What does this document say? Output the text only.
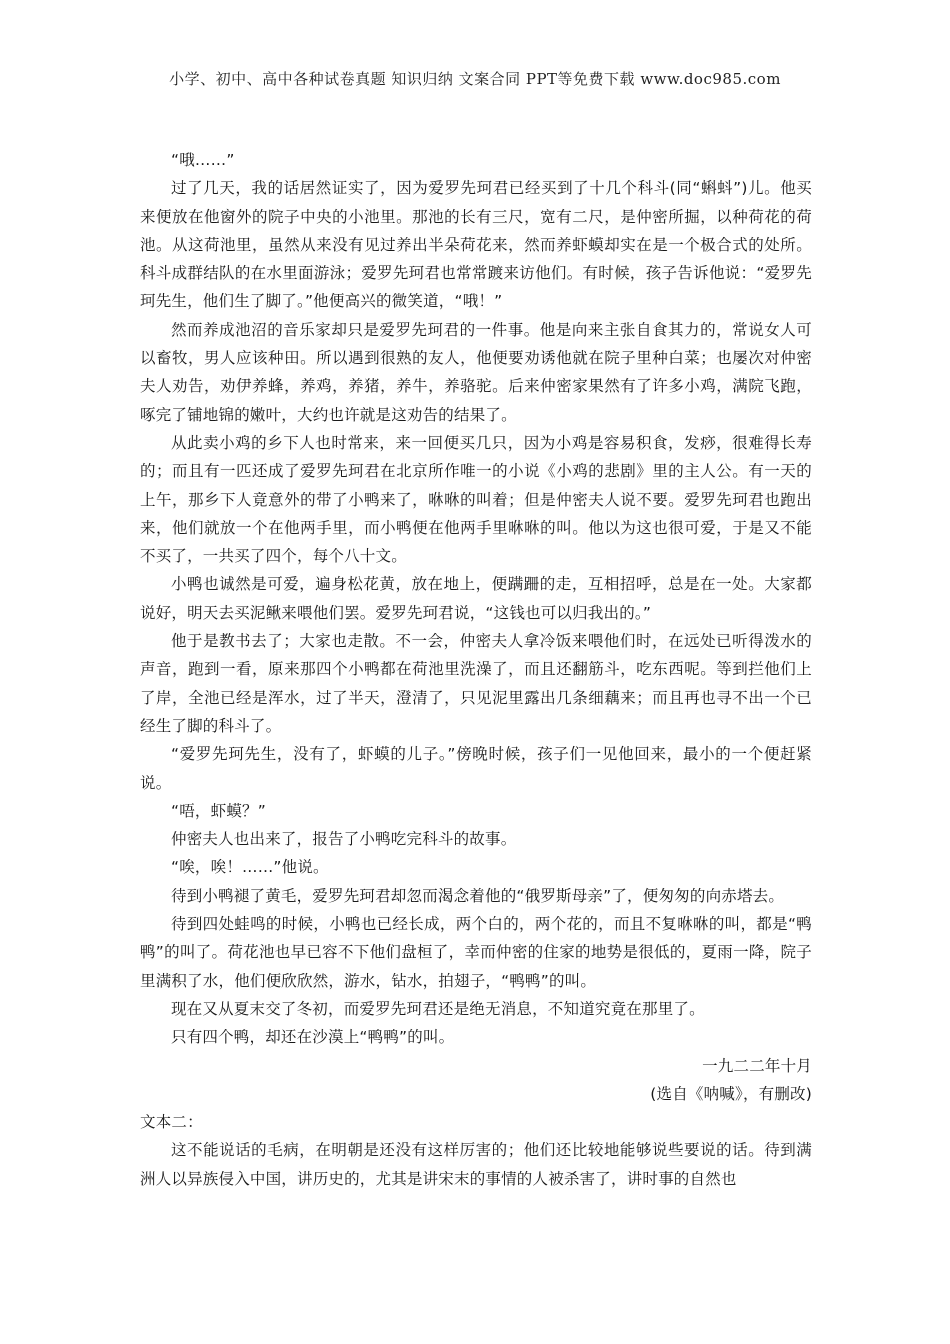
小学、初中、高中各种试卷真题 知识归纳 文案合同 PPT等免费下载 www.doc985.com

“哦……”

过了几天，我的话居然证实了，因为爱罗先珂君已经买到了十几个科斗(同“蝌蚪”)儿。他买来便放在他窗外的院子中央的小池里。那池的长有三尺，宽有二尺，是仲密所掘，以种荷花的荷池。从这荷池里，虽然从来没有见过养出半朵荷花来，然而养虾蟆却实在是一个极合式的处所。科斗成群结队的在水里面游泳；爱罗先珂君也常常踱来访他们。有时候，孩子告诉他说：“爱罗先珂先生，他们生了脚了。”他便高兴的微笑道，“哦！”

然而养成池沼的音乐家却只是爱罗先珂君的一件事。他是向来主张自食其力的，常说女人可以畜牧，男人应该种田。所以遇到很熟的友人，他便要劝诱他就在院子里种白菜；也屡次对仲密夫人劝告，劝伊养蜂，养鸡，养猪，养牛，养骆驼。后来仲密家果然有了许多小鸡，满院飞跑，啄完了铺地锦的嫩叶，大约也许就是这劝告的结果了。

从此卖小鸡的乡下人也时常来，来一回便买几只，因为小鸡是容易积食，发痧，很难得长寿的；而且有一匹还成了爱罗先珂君在北京所作唯一的小说《小鸡的悲剧》里的主人公。有一天的上午，那乡下人竟意外的带了小鸭来了，咻咻的叫着；但是仲密夫人说不要。爱罗先珂君也跑出来，他们就放一个在他两手里，而小鸭便在他两手里咻咻的叫。他以为这也很可爱，于是又不能不买了，一共买了四个，每个八十文。

小鸭也诚然是可爱，遍身松花黄，放在地上，便蹒跚的走，互相招呼，总是在一处。大家都说好，明天去买泥鳅来喂他们罢。爱罗先珂君说，“这钱也可以归我出的。”

他于是教书去了；大家也走散。不一会，仲密夫人拿冷饭来喂他们时，在远处已听得泼水的声音，跑到一看，原来那四个小鸭都在荷池里洗澡了，而且还翻筋斗，吃东西呢。等到拦他们上了岸，全池已经是浑水，过了半天，澄清了，只见泥里露出几条细藕来；而且再也寻不出一个已经生了脚的科斗了。

“爱罗先珂先生，没有了，虾蟆的儿子。”傍晚时候，孩子们一见他回来，最小的一个便赶紧说。

“唔，虾蟆？”

仲密夫人也出来了，报告了小鸭吃完科斗的故事。

“唉，唉！……”他说。

待到小鸭褪了黄毛，爱罗先珂君却忽而渴念着他的“俄罗斯母亲”了，便匆匆的向赤塔去。

待到四处蛙鸣的时候，小鸭也已经长成，两个白的，两个花的，而且不复咻咻的叫，都是“鸭鸭”的叫了。荷花池也早已容不下他们盘桓了，幸而仲密的住家的地势是很低的，夏雨一降，院子里满积了水，他们便欣欣然，游水，钻水，拍翅子，“鸭鸭”的叫。

现在又从夏末交了冬初，而爱罗先珂君还是绝无消息，不知道究竟在那里了。

只有四个鸭，却还在沙漠上“鸭鸭”的叫。

一九二二年十月

(选自《呐喊》，有删改)

文本二：

这不能说话的毛病，在明朝是还没有这样厉害的；他们还比较地能够说些要说的话。待到满洲人以异族侵入中国，讲历史的，尤其是讲宋末的事情的人被杀害了，讲时事的自然也
